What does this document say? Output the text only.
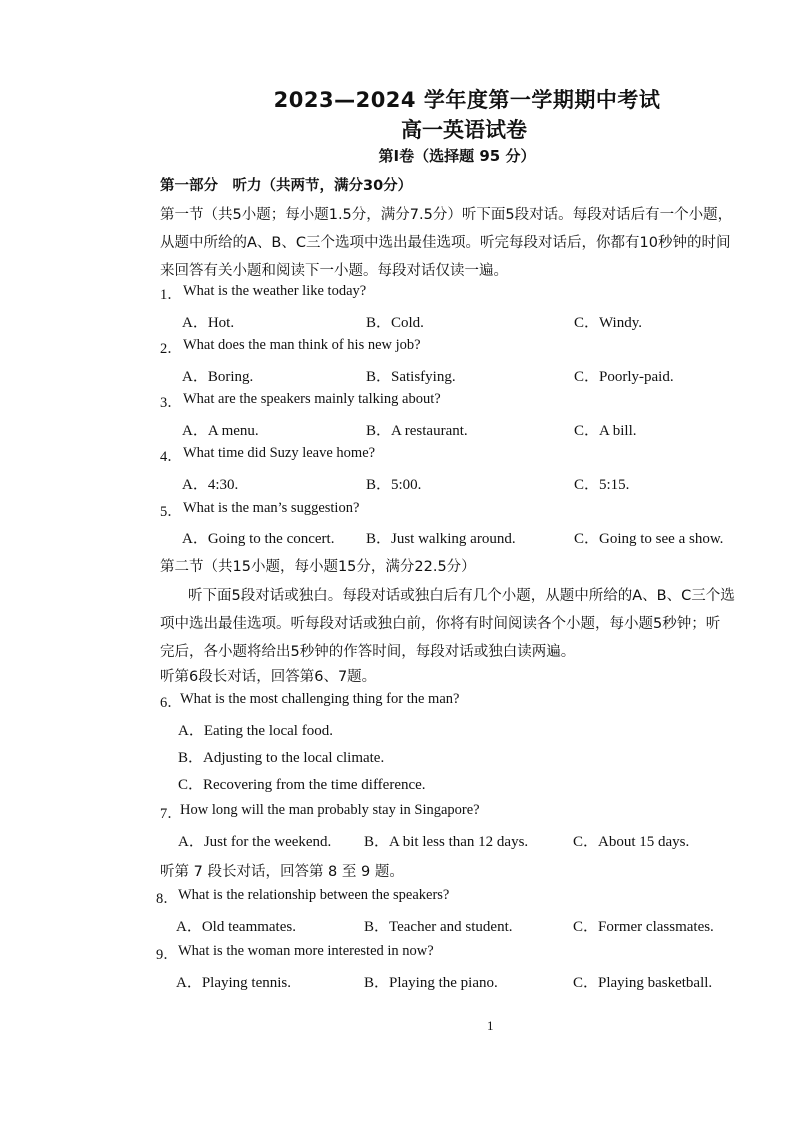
2023—2024 学年度第一学期期中考试
高一英语试卷
第Ⅰ卷（选择题 95 分）
第一部分　听力（共两节，满分30分）
第一节（共5小题；每小题1.5分，满分7.5分）听下面5段对话。每段对话后有一个小题，
从题中所给的A、B、C三个选项中选出最佳选项。听完每段对话后，你都有10秒钟的时间
来回答有关小题和阅读下一小题。每段对话仅读一遍。
1． What is the weather like today?
A．Hot.	B．Cold.	C．Windy.
2． What does the man think of his new job?
A．Boring.	B．Satisfying.	C．Poorly-paid.
3． What are the speakers mainly talking about?
A．A menu.	B．A restaurant.	C．A bill.
4． What time did Suzy leave home?
A．4:30.	B．5:00.	C．5:15.
5． What is the man’s suggestion?
A．Going to the concert. B．Just walking around.	C．Going to see a show.
第二节（共15小题，每小题15分，满分22.5分）
听下面5段对话或独白。每段对话或独白后有几个小题，从题中所给的A、B、C三个选
项中选出最佳选项。听每段对话或独白前，你将有时间阅读各个小题，每小题5秒钟；听
完后，各小题将给出5秒钟的作答时间，每段对话或独白读两遍。
听第6段长对话，回答第6、7题。
6．
What is the most challenging thing for the man?
A．Eating the local food.
B．Adjusting to the local climate.
C．Recovering from the time difference.
7．
How long will the man probably stay in Singapore?
A．Just for the weekend. B．A bit less than 12 days.	C．About 15 days.
听第 7 段长对话，回答第 8 至 9 题。
8． What is the relationship between the speakers?
A．Old teammates.	B．Teacher and student.	C．Former classmates.
9． What is the woman more interested in now?
A．Playing tennis.	B．Playing the piano.	C．Playing basketball.
1
